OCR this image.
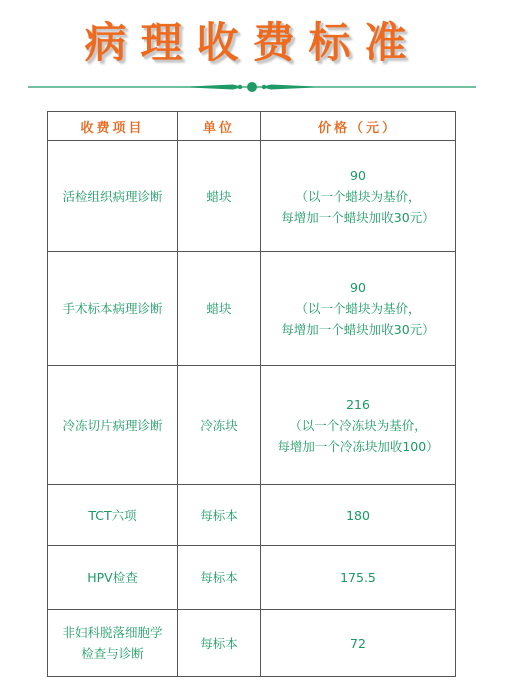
病理收费标准
收费项目	单位	价格（元）
活检组织病理诊断	蜡块	90
（以一个蜡块为基价，
每增加一个蜡块加收30元）

手术标本病理诊断	蜡块	90
（以一个蜡块为基价，
每增加一个蜡块加收30元）

冷冻切片病理诊断	冷冻块	216
（以一个冷冻块为基价，
每增加一个冷冻块加收100）

TCT六项	每标本	180
HPV检查	每标本	175.5

非妇科脱落细胞学
检查与诊断	每标本	72
